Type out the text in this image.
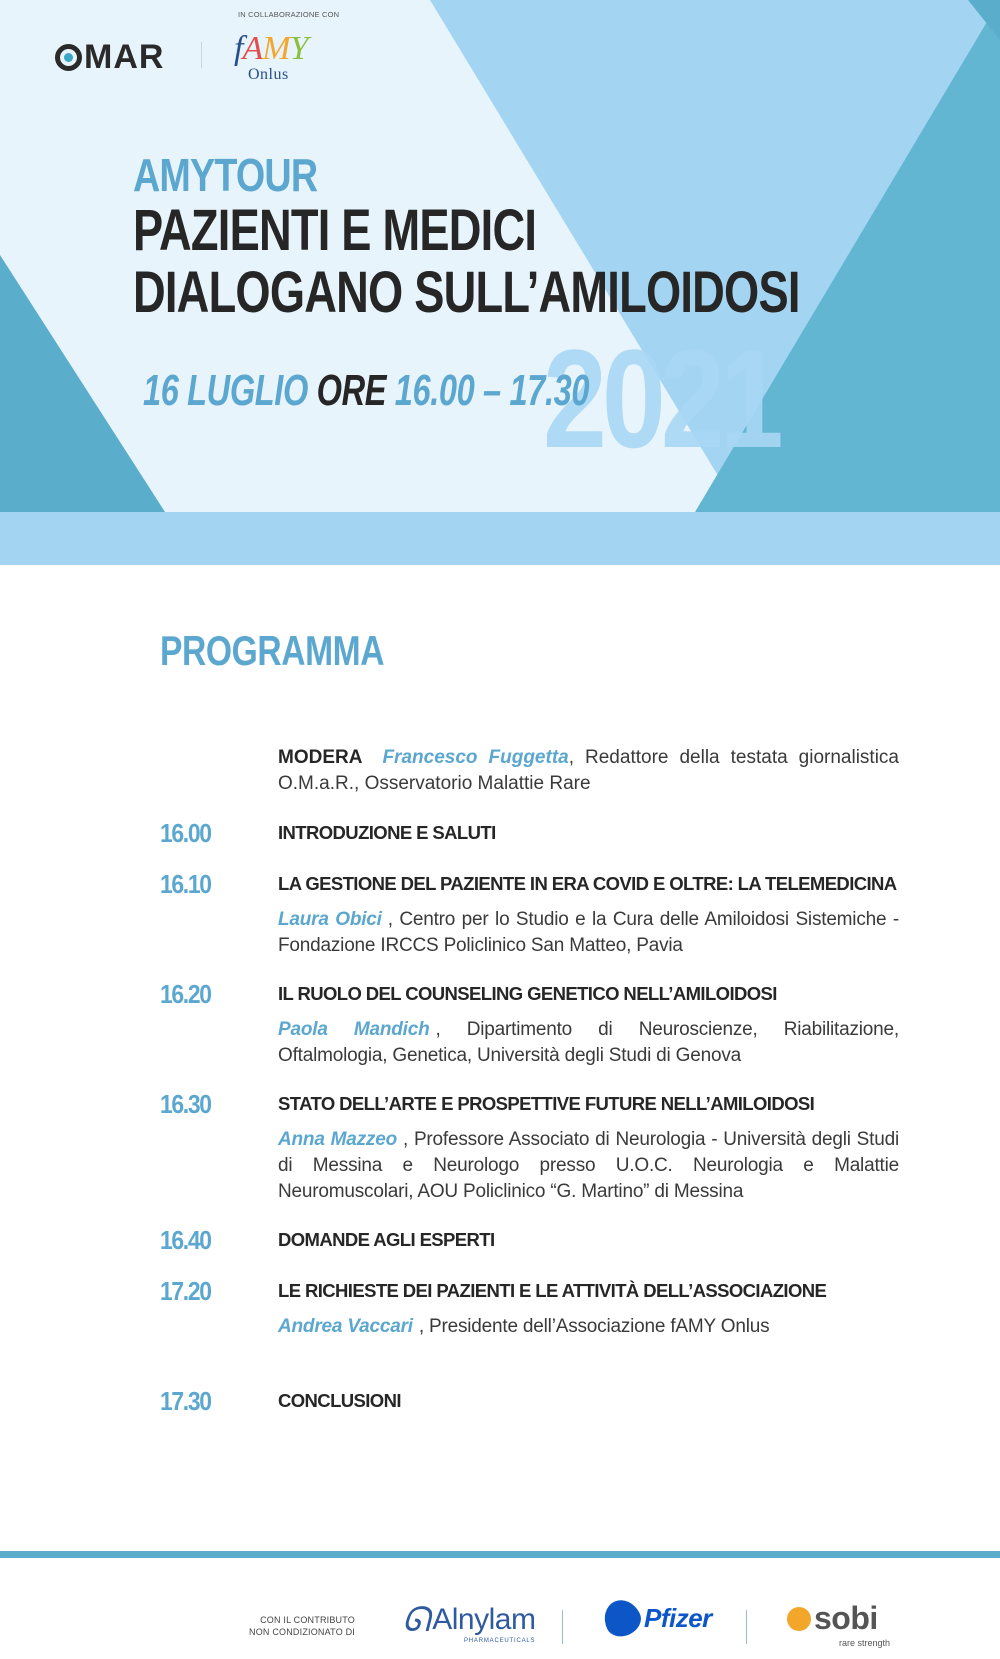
MAR
IN COLLABORAZIONE CON
fAMY
Onlus
AMYTOUR
PAZIENTI E MEDICI
DIALOGANO SULL’AMILOIDOSI
2021
16 LUGLIO ORE 16.00 – 17.30
PROGRAMMA
MODERA Francesco Fuggetta, Redattore della testata giornalistica O.M.a.R., Osservatorio Malattie Rare
16.00	INTRODUZIONE E SALUTI
16.10	LA GESTIONE DEL PAZIENTE IN ERA COVID E OLTRE: LA TELEMEDICINA
Laura Obici , Centro per lo Studio e la Cura delle Amiloidosi Sistemiche - Fondazione IRCCS Policlinico San Matteo, Pavia
16.20	IL RUOLO DEL COUNSELING GENETICO NELL’AMILOIDOSI
Paola Mandich , Dipartimento di Neuroscienze, Riabilitazione, Oftalmologia, Genetica, Università degli Studi di Genova
16.30	STATO DELL’ARTE E PROSPETTIVE FUTURE NELL’AMILOIDOSI
Anna Mazzeo , Professore Associato di Neurologia - Università degli Studi di Messina e Neurologo presso U.O.C. Neurologia e Malattie Neuromuscolari, AOU Policlinico “G. Martino” di Messina
16.40	DOMANDE AGLI ESPERTI
17.20	LE RICHIESTE DEI PAZIENTI E LE ATTIVITÀ DELL’ASSOCIAZIONE
Andrea Vaccari , Presidente dell’Associazione fAMY Onlus
17.30	CONCLUSIONI
CON IL CONTRIBUTO NON CONDIZIONATO DI ᘏ Alnylam
PHARMACEUTICALS
Pfizer	sobi
rare strength
